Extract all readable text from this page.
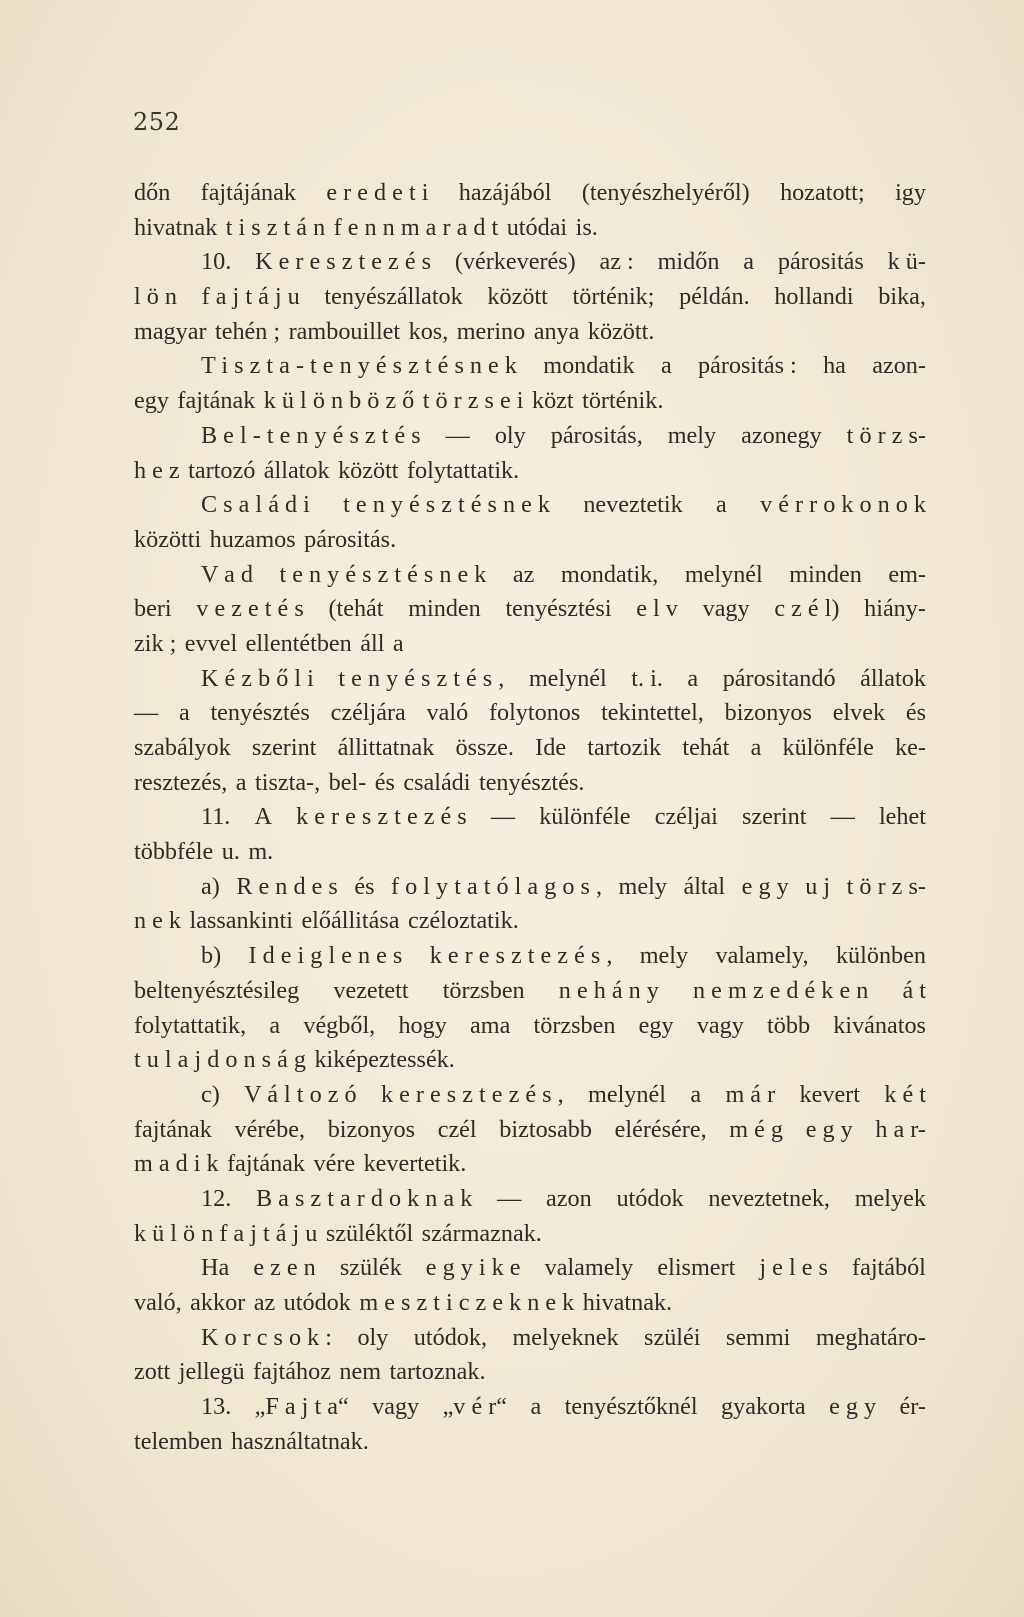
252
dőn fajtájának e r e d e t i hazájából (tenyészhelyéről) hozatott; igy
hivatnak t i s z t á n f e n n m a r a d t utódai is.
10. K e r e s z t e z é s (vérkeverés) az : midőn a párositás k ü-
l ö n f a j t á j u tenyészállatok között történik; példán. hollandi bika,
magyar tehén ; rambouillet kos, merino anya között.
T i s z t a - t e n y é s z t é s n e k mondatik a párositás : ha azon-
egy fajtának k ü l ö n b ö z ő t ö r z s e i közt történik.
B e l - t e n y é s z t é s — oly párositás, mely azonegy t ö r z s-
h e z tartozó állatok között folytattatik.
C s a l á d i t e n y é s z t é s n e k neveztetik a v é r r o k o n o k
közötti huzamos párositás.
V a d t e n y é s z t é s n e k az mondatik, melynél minden em-
beri v e z e t é s (tehát minden tenyésztési e l v vagy c z é l) hiány-
zik ; evvel ellentétben áll a
K é z b ő l i t e n y é s z t é s , melynél t. i. a párositandó állatok
— a tenyésztés czéljára való folytonos tekintettel, bizonyos elvek és
szabályok szerint állittatnak össze. Ide tartozik tehát a különféle ke-
resztezés, a tiszta-, bel- és családi tenyésztés.
11. A k e r e s z t e z é s — különféle czéljai szerint — lehet
többféle u. m.
a) R e n d e s és f o l y t a t ó l a g o s , mely által e g y u j t ö r z s-
n e k lassankinti előállitása czéloztatik.
b) I d e i g l e n e s k e r e s z t e z é s , mely valamely, különben
beltenyésztésileg vezetett törzsben n e h á n y n e m z e d é k e n á t
folytattatik, a végből, hogy ama törzsben egy vagy több kivánatos
t u l a j d o n s á g kiképeztessék.
c) V á l t o z ó k e r e s z t e z é s , melynél a m á r kevert k é t
fajtának vérébe, bizonyos czél biztosabb elérésére, m é g e g y h a r-
m a d i k fajtának vére kevertetik.
12. B a s z t a r d o k n a k — azon utódok neveztetnek, melyek
k ü l ö n f a j t á j u szüléktől származnak.
Ha e z e n szülék e g y i k e valamely elismert j e l e s fajtából
való, akkor az utódok m e s z t i c z e k n e k hivatnak.
K o r c s o k : oly utódok, melyeknek szüléi semmi meghatáro-
zott jellegü fajtához nem tartoznak.
13. „F a j t a“ vagy „v é r“ a tenyésztőknél gyakorta e g y ér-
telemben használtatnak.
